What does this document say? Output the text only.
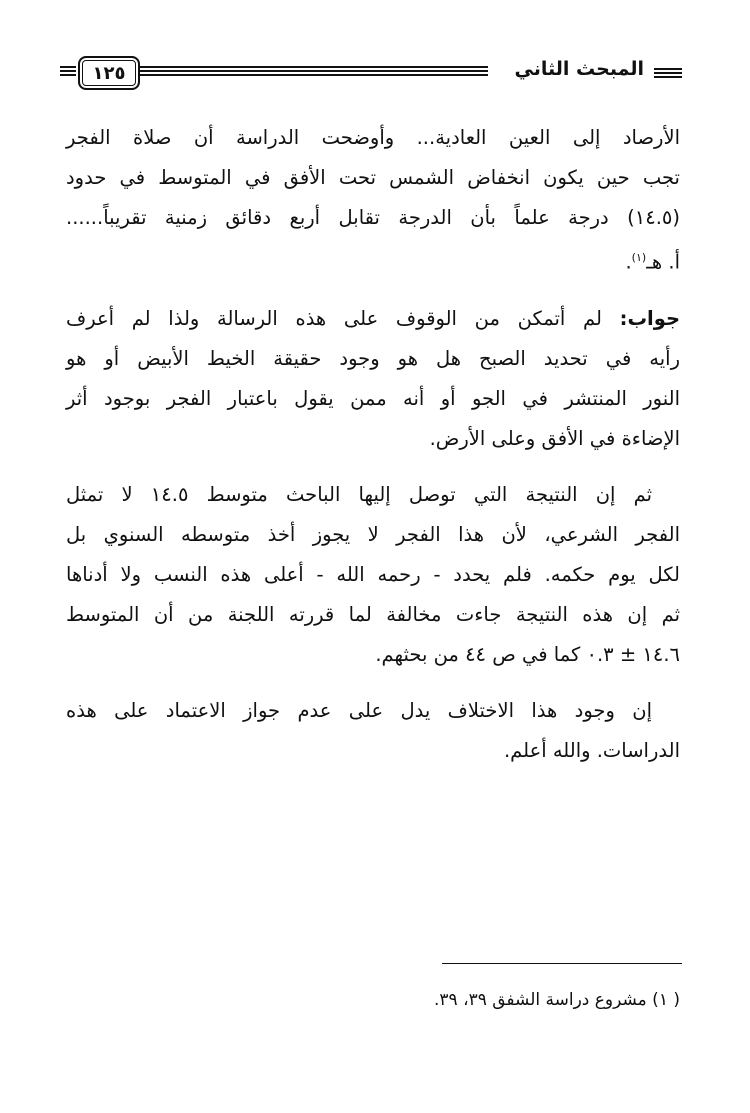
١٢٥	المبحث الثاني
الأرصاد إلى العين العادية... وأوضحت الدراسة أن صلاة الفجر
تجب حين يكون انخفاض الشمس تحت الأفق في المتوسط في حدود
(١٤.٥) درجة علماً بأن الدرجة تقابل أربع دقائق زمنية تقريباً......
أ. هـ$^{(١)}$.
جواب: لم أتمكن من الوقوف على هذه الرسالة ولذا لم أعرف
رأيه في تحديد الصبح هل هو وجود حقيقة الخيط الأبيض أو هو
النور المنتشر في الجو أو أنه ممن يقول باعتبار الفجر بوجود أثر
الإضاءة في الأفق وعلى الأرض.
ثم إن النتيجة التي توصل إليها الباحث متوسط ١٤.٥ لا تمثل
الفجر الشرعي، لأن هذا الفجر لا يجوز أخذ متوسطه السنوي بل
لكل يوم حكمه. فلم يحدد - رحمه الله - أعلى هذه النسب ولا أدناها
ثم إن هذه النتيجة جاءت مخالفة لما قررته اللجنة من أن المتوسط
١٤.٦ ± ٠.٣ كما في ص ٤٤ من بحثهم.
إن وجود هذا الاختلاف يدل على عدم جواز الاعتماد على هذه
الدراسات. والله أعلم.
( ١) مشروع دراسة الشفق ٣٩، ٣٩.
